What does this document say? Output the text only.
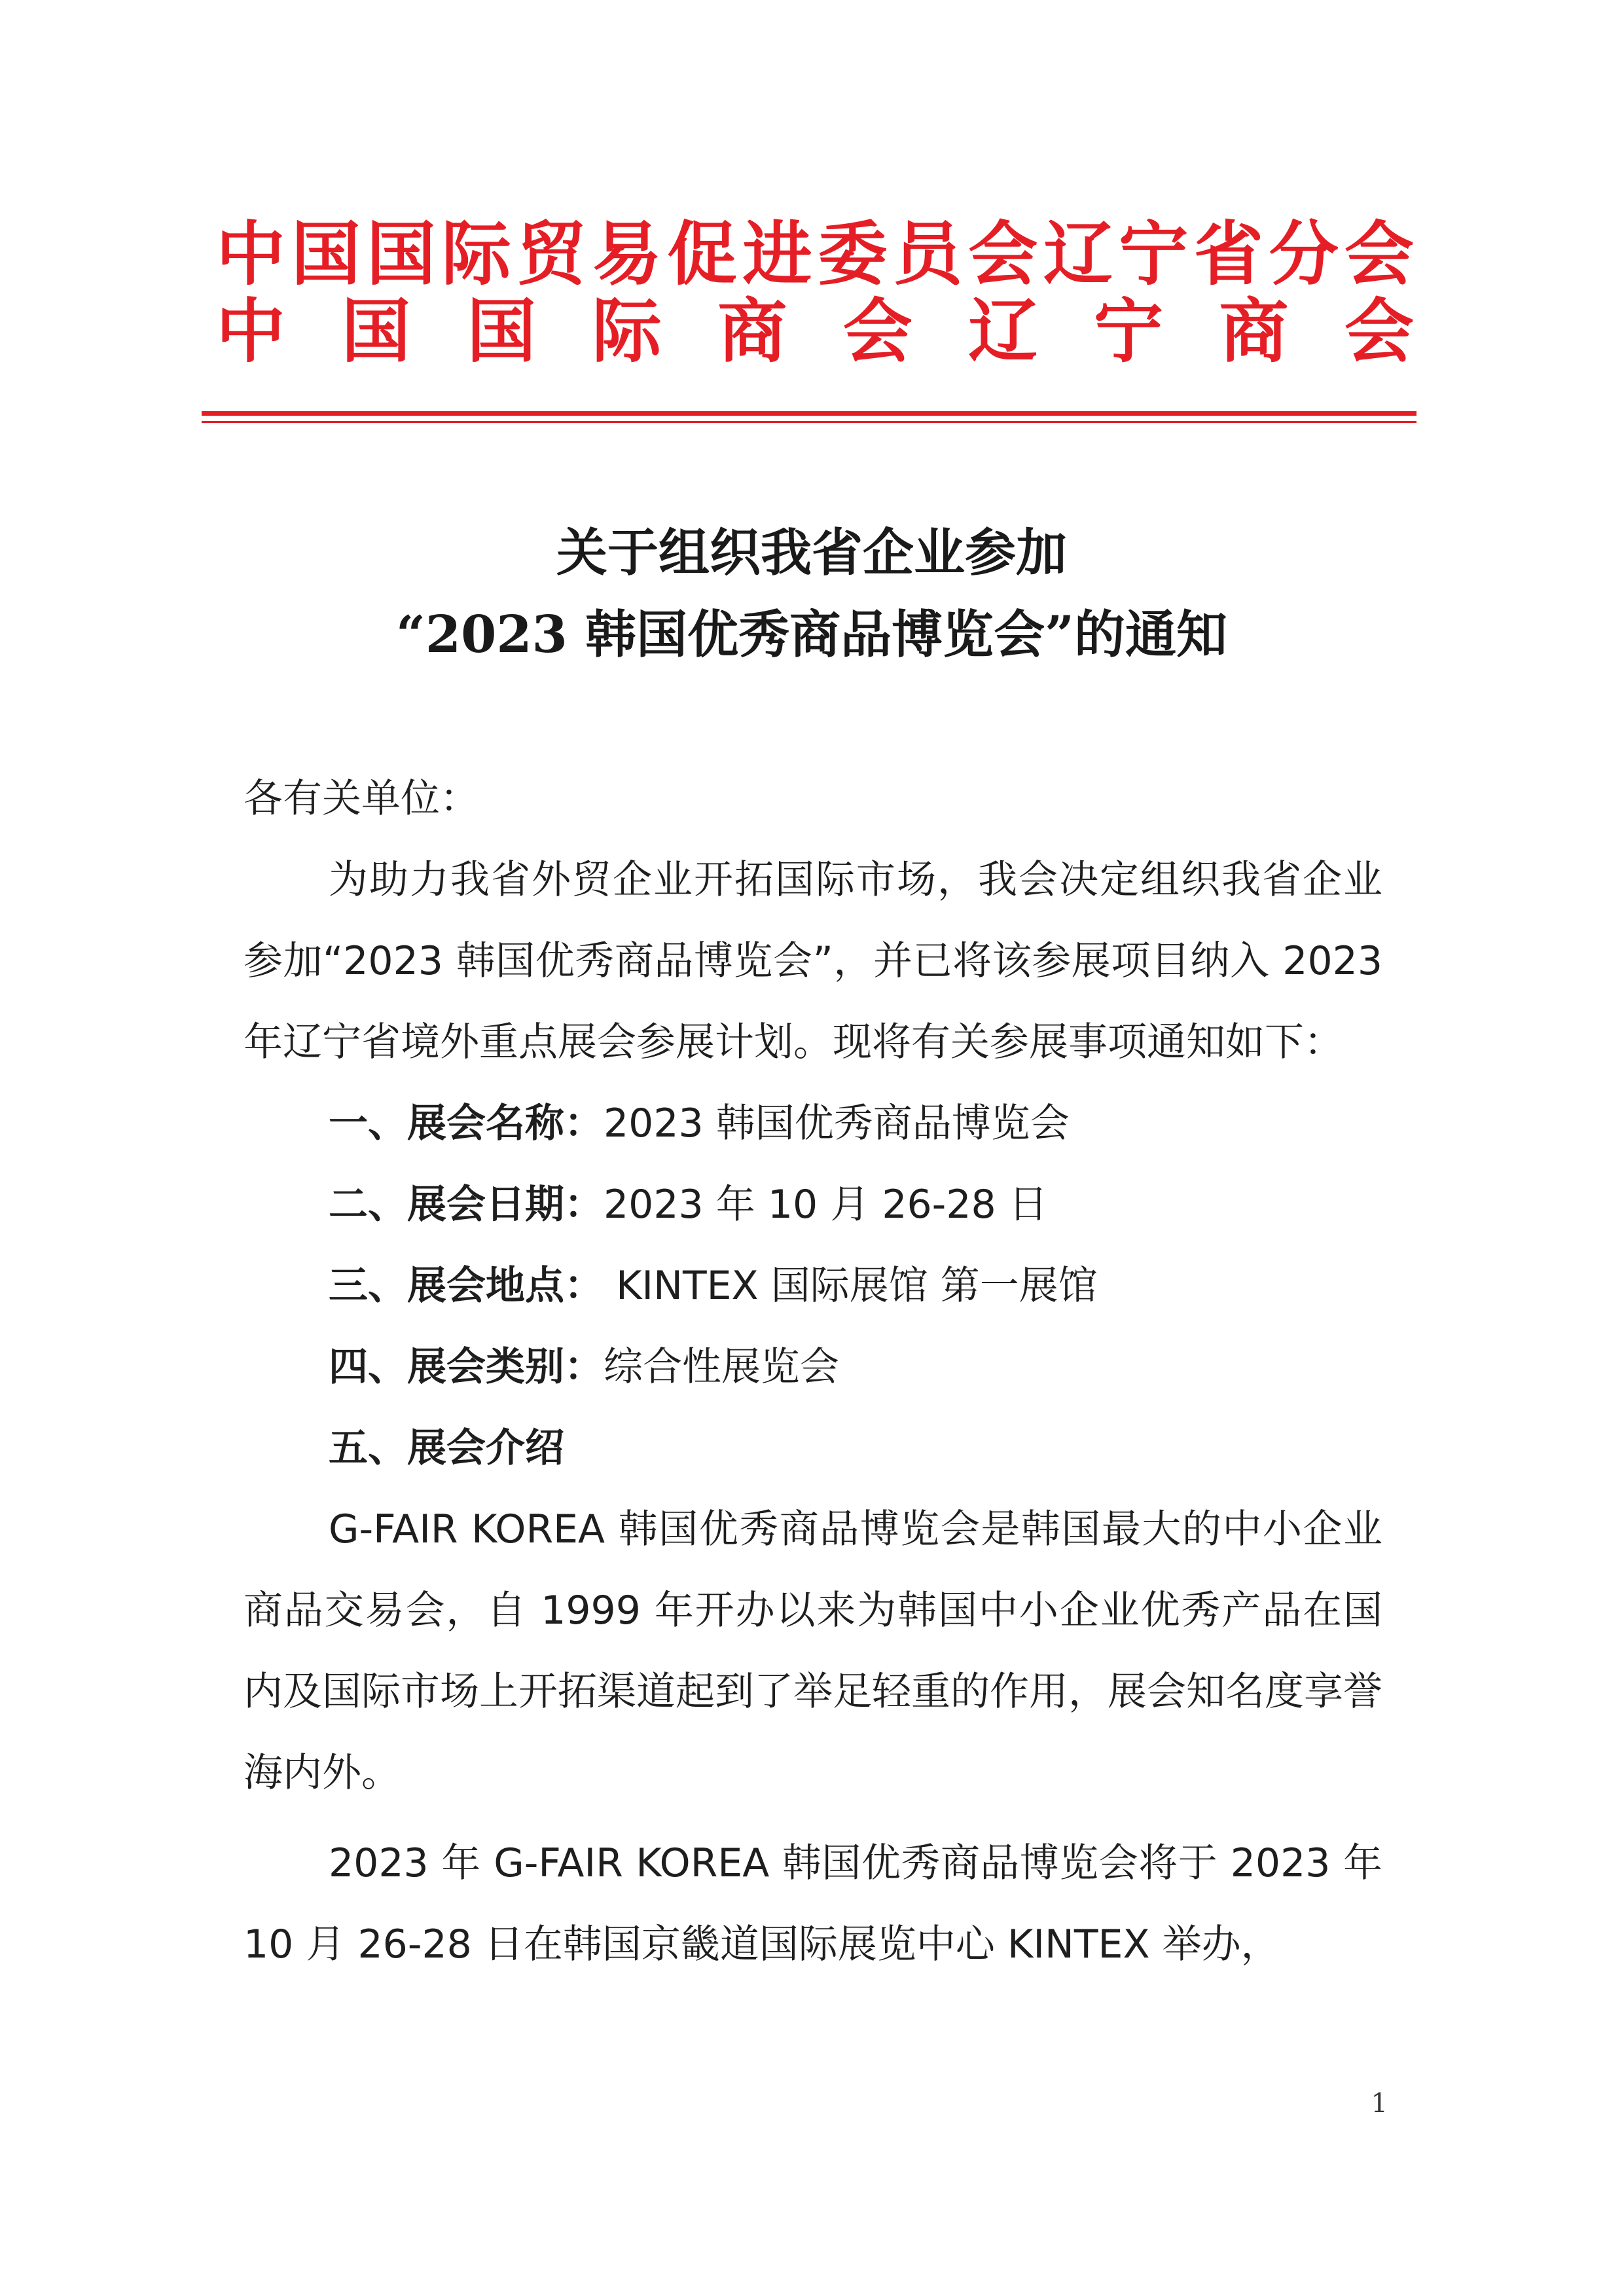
中 国 国 际 贸 易 促 进 委 员 会 辽 宁 省 分 会
中 国 国 际 商 会 辽 宁 商 会
关于组织我省企业参加
“2023 韩国优秀商品博览会”的通知

各有关单位：

为助力我省外贸企业开拓国际市场，我会决定组织我省企业参加“2023 韩国优秀商品博览会”，并已将该参展项目纳入 2023 年辽宁省境外重点展会参展计划。现将有关参展事项通知如下：

一、展会名称：2023 韩国优秀商品博览会

二、展会日期：2023 年 10 月 26-28 日

三、展会地点： KINTEX 国际展馆 第一展馆

四、展会类别：综合性展览会

五、展会介绍

G-FAIR KOREA 韩国优秀商品博览会是韩国最大的中小企业商品交易会，自 1999 年开办以来为韩国中小企业优秀产品在国内及国际市场上开拓渠道起到了举足轻重的作用，展会知名度享誉海内外。

2023 年 G-FAIR KOREA 韩国优秀商品博览会将于 2023 年 10 月 26-28 日在韩国京畿道国际展览中心 KINTEX 举办，

1
